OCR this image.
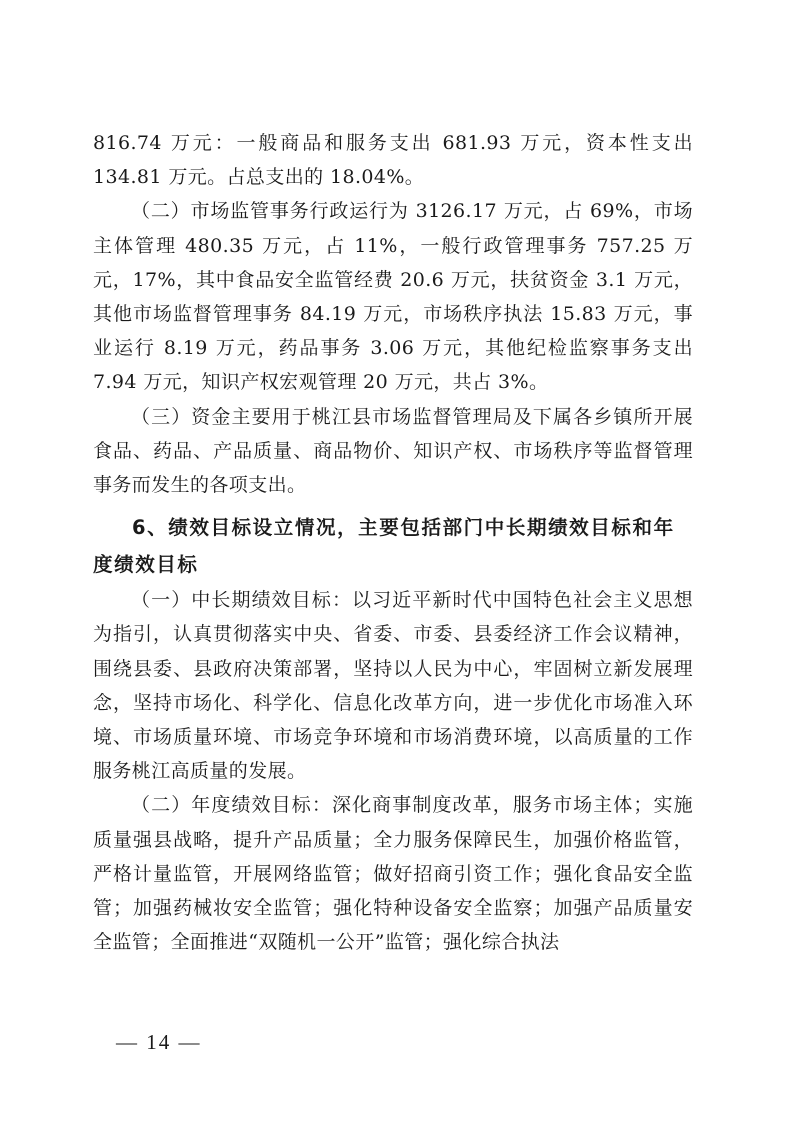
816.74 万元：一般商品和服务支出 681.93 万元，资本性支出 134.81 万元。占总支出的 18.04%。

（二）市场监管事务行政运行为 3126.17 万元，占 69%，市场主体管理 480.35 万元，占 11%，一般行政管理事务 757.25 万元，17%，其中食品安全监管经费 20.6 万元，扶贫资金 3.1 万元，其他市场监督管理事务 84.19 万元，市场秩序执法 15.83 万元，事业运行 8.19 万元，药品事务 3.06 万元，其他纪检监察事务支出 7.94 万元，知识产权宏观管理 20 万元，共占 3%。

（三）资金主要用于桃江县市场监督管理局及下属各乡镇所开展食品、药品、产品质量、商品物价、知识产权、市场秩序等监督管理事务而发生的各项支出。

6、绩效目标设立情况，主要包括部门中长期绩效目标和年度绩效目标

（一）中长期绩效目标：以习近平新时代中国特色社会主义思想为指引，认真贯彻落实中央、省委、市委、县委经济工作会议精神，围绕县委、县政府决策部署，坚持以人民为中心，牢固树立新发展理念，坚持市场化、科学化、信息化改革方向，进一步优化市场准入环境、市场质量环境、市场竞争环境和市场消费环境，以高质量的工作服务桃江高质量的发展。

（二）年度绩效目标：深化商事制度改革，服务市场主体；实施质量强县战略，提升产品质量；全力服务保障民生，加强价格监管，严格计量监管，开展网络监管；做好招商引资工作；强化食品安全监管；加强药械妆安全监管；强化特种设备安全监察；加强产品质量安全监管；全面推进“双随机一公开”监管；强化综合执法

— 14 —
